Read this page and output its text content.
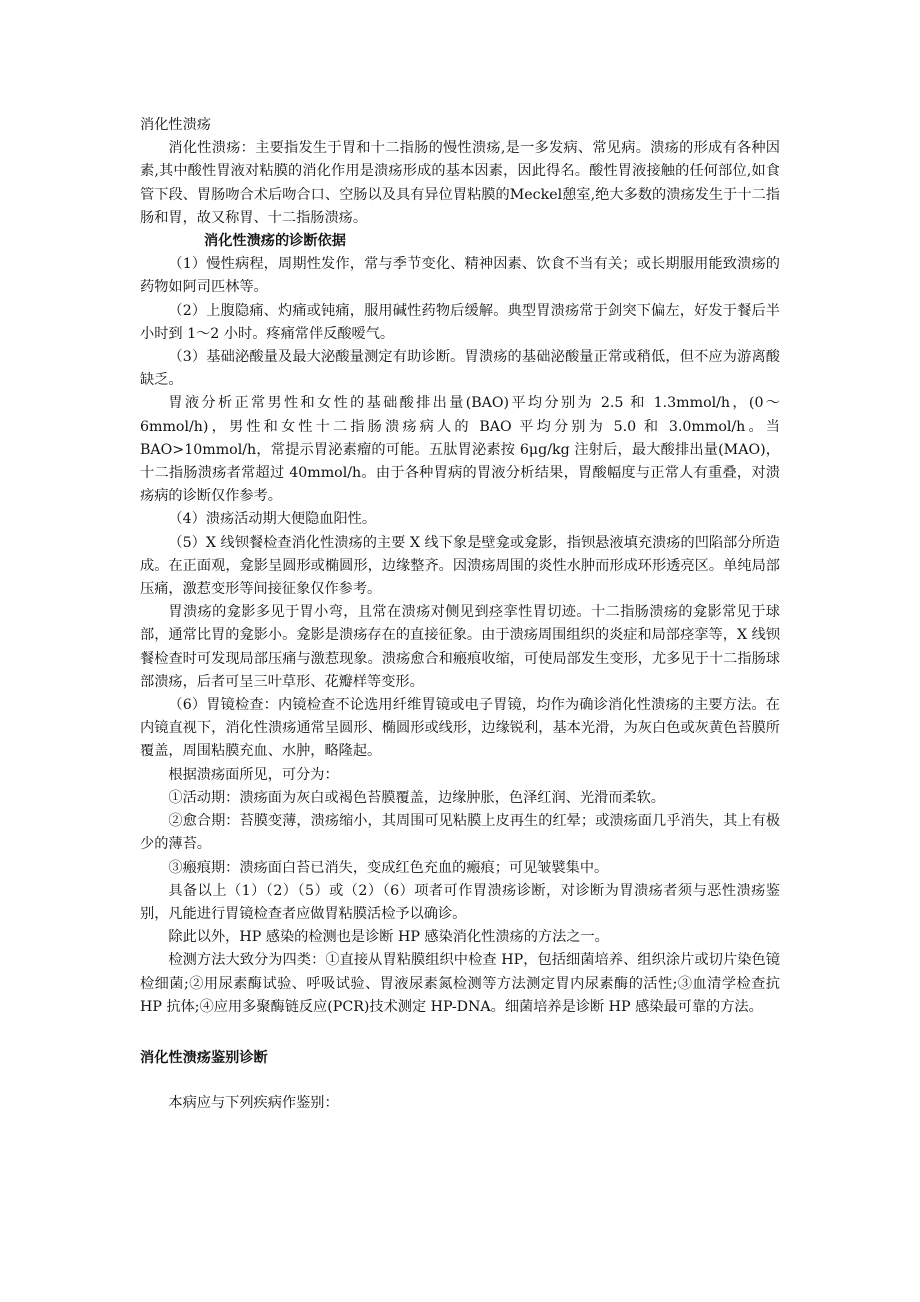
消化性溃疡

消化性溃疡：主要指发生于胃和十二指肠的慢性溃疡,是一多发病、常见病。溃疡的形成有各种因素,其中酸性胃液对粘膜的消化作用是溃疡形成的基本因素，因此得名。酸性胃液接触的任何部位,如食管下段、胃肠吻合术后吻合口、空肠以及具有异位胃粘膜的Meckel憩室,绝大多数的溃疡发生于十二指肠和胃，故又称胃、十二指肠溃疡。

消化性溃疡的诊断依据

（1）慢性病程，周期性发作，常与季节变化、精神因素、饮食不当有关；或长期服用能致溃疡的药物如阿司匹林等。

（2）上腹隐痛、灼痛或钝痛，服用碱性药物后缓解。典型胃溃疡常于剑突下偏左，好发于餐后半小时到 1～2 小时。疼痛常伴反酸嗳气。

（3）基础泌酸量及最大泌酸量测定有助诊断。胃溃疡的基础泌酸量正常或稍低，但不应为游离酸缺乏。

胃液分析正常男性和女性的基础酸排出量(BAO)平均分别为 2.5 和 1.3mmol/h，(0～6mmol/h)，男性和女性十二指肠溃疡病人的 BAO 平均分别为 5.0 和 3.0mmol/h。当BAO>10mmol/h，常提示胃泌素瘤的可能。五肽胃泌素按 6μg/kg 注射后，最大酸排出量(MAO)，十二指肠溃疡者常超过 40mmol/h。由于各种胃病的胃液分析结果，胃酸幅度与正常人有重叠，对溃疡病的诊断仅作参考。

（4）溃疡活动期大便隐血阳性。

（5）X 线钡餐检查消化性溃疡的主要 X 线下象是壁龛或龛影，指钡悬液填充溃疡的凹陷部分所造成。在正面观，龛影呈圆形或椭圆形，边缘整齐。因溃疡周围的炎性水肿而形成环形透亮区。单纯局部压痛，激惹变形等间接征象仅作参考。

胃溃疡的龛影多见于胃小弯，且常在溃疡对侧见到痉挛性胃切迹。十二指肠溃疡的龛影常见于球部，通常比胃的龛影小。龛影是溃疡存在的直接征象。由于溃疡周围组织的炎症和局部痉挛等，X 线钡餐检查时可发现局部压痛与激惹现象。溃疡愈合和瘢痕收缩，可使局部发生变形，尤多见于十二指肠球部溃疡，后者可呈三叶草形、花瓣样等变形。

（6）胃镜检查：内镜检查不论选用纤维胃镜或电子胃镜，均作为确诊消化性溃疡的主要方法。在内镜直视下，消化性溃疡通常呈圆形、椭圆形或线形，边缘锐利，基本光滑，为灰白色或灰黄色苔膜所覆盖，周围粘膜充血、水肿，略隆起。

根据溃疡面所见，可分为：

①活动期：溃疡面为灰白或褐色苔膜覆盖，边缘肿胀，色泽红润、光滑而柔软。

②愈合期：苔膜变薄，溃疡缩小，其周围可见粘膜上皮再生的红晕；或溃疡面几乎消失，其上有极少的薄苔。

③瘢痕期：溃疡面白苔已消失，变成红色充血的瘢痕；可见皱襞集中。

具备以上（1）（2）（5）或（2）（6）项者可作胃溃疡诊断，对诊断为胃溃疡者须与恶性溃疡鉴别，凡能进行胃镜检查者应做胃粘膜活检予以确诊。

除此以外，HP 感染的检测也是诊断 HP 感染消化性溃疡的方法之一。

检测方法大致分为四类：①直接从胃粘膜组织中检查 HP，包括细菌培养、组织涂片或切片染色镜检细菌;②用尿素酶试验、呼吸试验、胃液尿素氮检测等方法测定胃内尿素酶的活性;③血清学检查抗 HP 抗体;④应用多聚酶链反应(PCR)技术测定 HP-DNA。细菌培养是诊断 HP 感染最可靠的方法。

消化性溃疡鉴别诊断

本病应与下列疾病作鉴别：
